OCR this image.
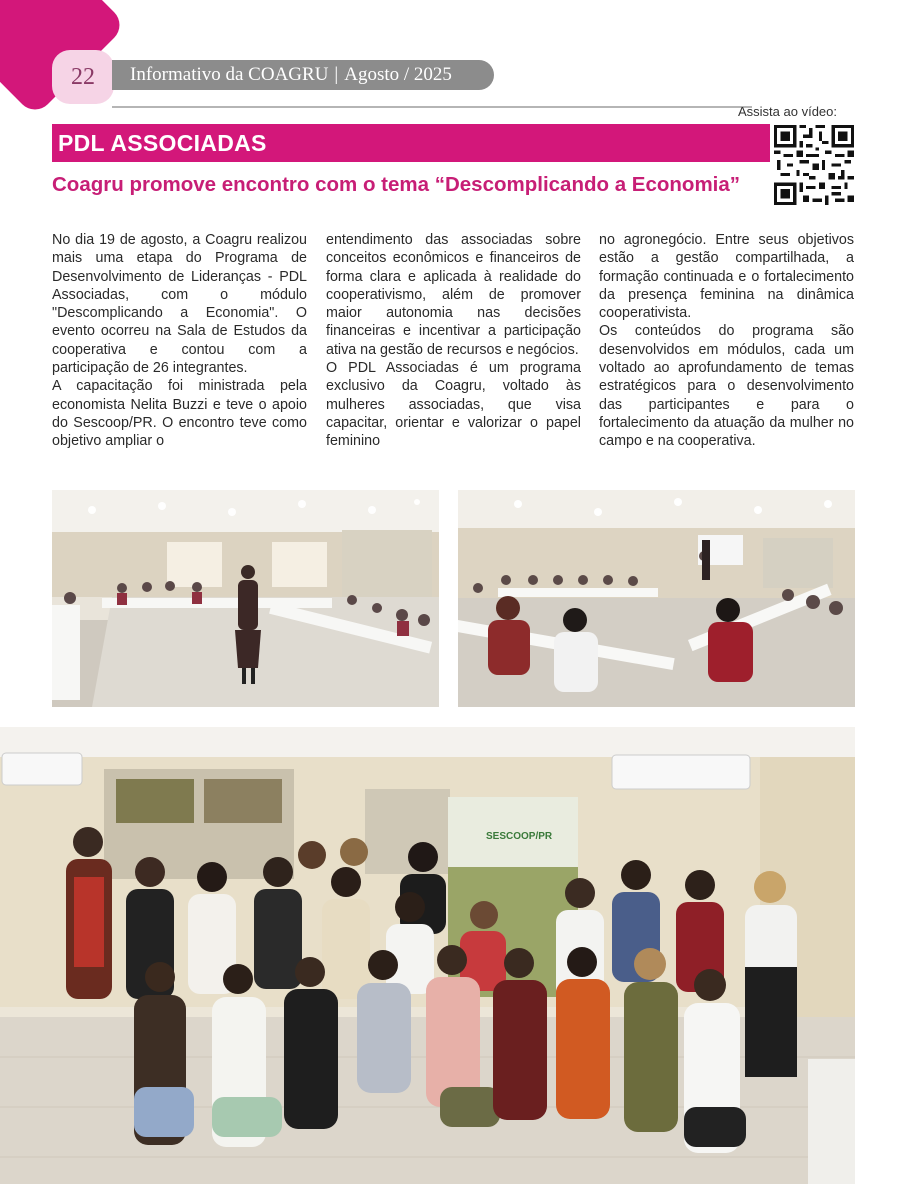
22	Informativo da COAGRU | Agosto / 2025
Assista ao vídeo:
PDL ASSOCIADAS
Coagru promove encontro com o tema “Descomplicando a Economia”

No dia 19 de agosto, a Coagru realizou mais uma etapa do Programa de Desenvolvimento de Lideranças - PDL Associadas, com o módulo "Descomplicando a Economia". O evento ocorreu na Sala de Estudos da cooperativa e contou com a participação de 26 integrantes.

A capacitação foi ministrada pela economista Nelita Buzzi e teve o apoio do Sescoop/PR. O encontro teve como objetivo ampliar o

entendimento das associadas sobre conceitos econômicos e financeiros de forma clara e aplicada à realidade do cooperativismo, além de promover maior autonomia nas decisões financeiras e incentivar a participação ativa na gestão de recursos e negócios.

O PDL Associadas é um programa exclusivo da Coagru, voltado às mulheres associadas, que visa capacitar, orientar e valorizar o papel feminino

no agronegócio. Entre seus objetivos estão a gestão compartilhada, a formação continuada e o fortalecimento da presença feminina na dinâmica cooperativista.

Os conteúdos do programa são desenvolvidos em módulos, cada um voltado ao aprofundamento de temas estratégicos para o desenvolvimento das participantes e para o fortalecimento da atuação da mulher no campo e na cooperativa.

SESCOOP/PR
